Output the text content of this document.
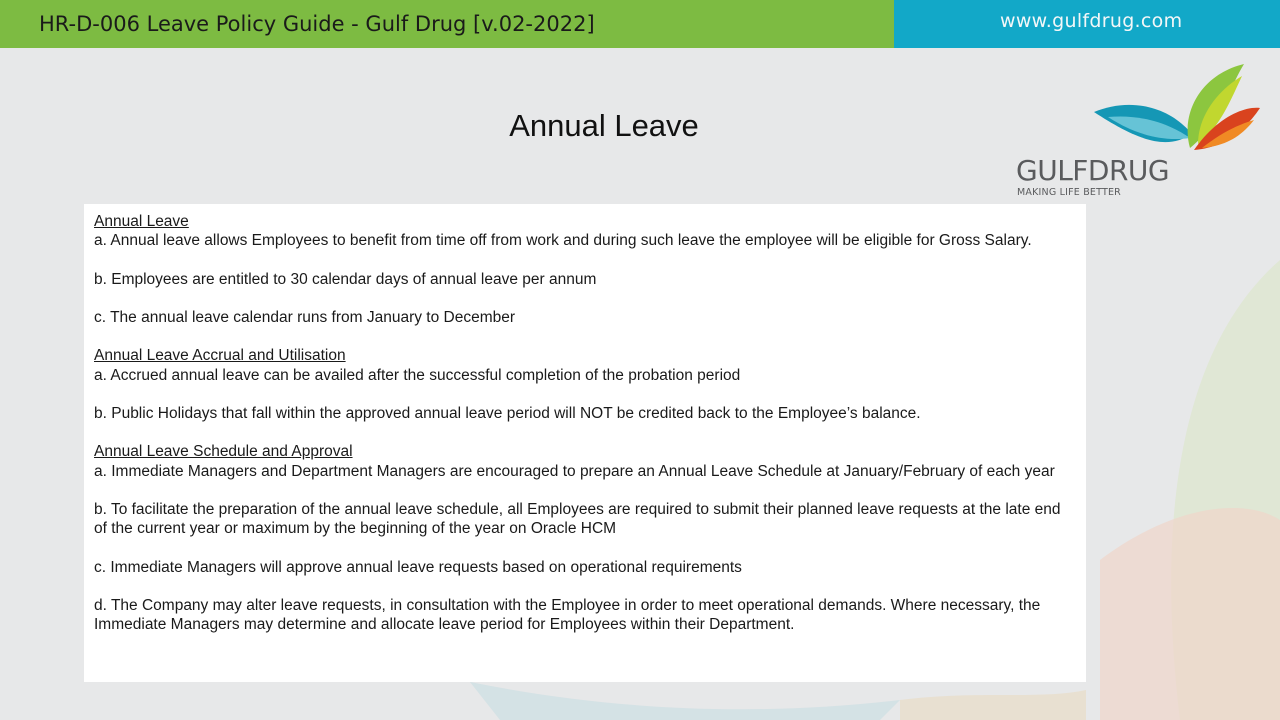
HR-D-006 Leave Policy Guide - Gulf Drug [v.02-2022]	www.gulfdrug.com
Annual Leave
GULFDRUG
MAKING LIFE BETTER
Annual Leave
a. Annual leave allows Employees to benefit from time off from work and during such leave the employee will be eligible for Gross Salary.
b. Employees are entitled to 30 calendar days of annual leave per annum
c. The annual leave calendar runs from January to December
Annual Leave Accrual and Utilisation
a. Accrued annual leave can be availed after the successful completion of the probation period
b. Public Holidays that fall within the approved annual leave period will NOT be credited back to the Employee’s balance.
Annual Leave Schedule and Approval
a. Immediate Managers and Department Managers are encouraged to prepare an Annual Leave Schedule at January/February of each year
b. To facilitate the preparation of the annual leave schedule, all Employees are required to submit their planned leave requests at the late end of the current year or maximum by the beginning of the year on Oracle HCM
c. Immediate Managers will approve annual leave requests based on operational requirements
d. The Company may alter leave requests, in consultation with the Employee in order to meet operational demands. Where necessary, the Immediate Managers may determine and allocate leave period for Employees within their Department.
